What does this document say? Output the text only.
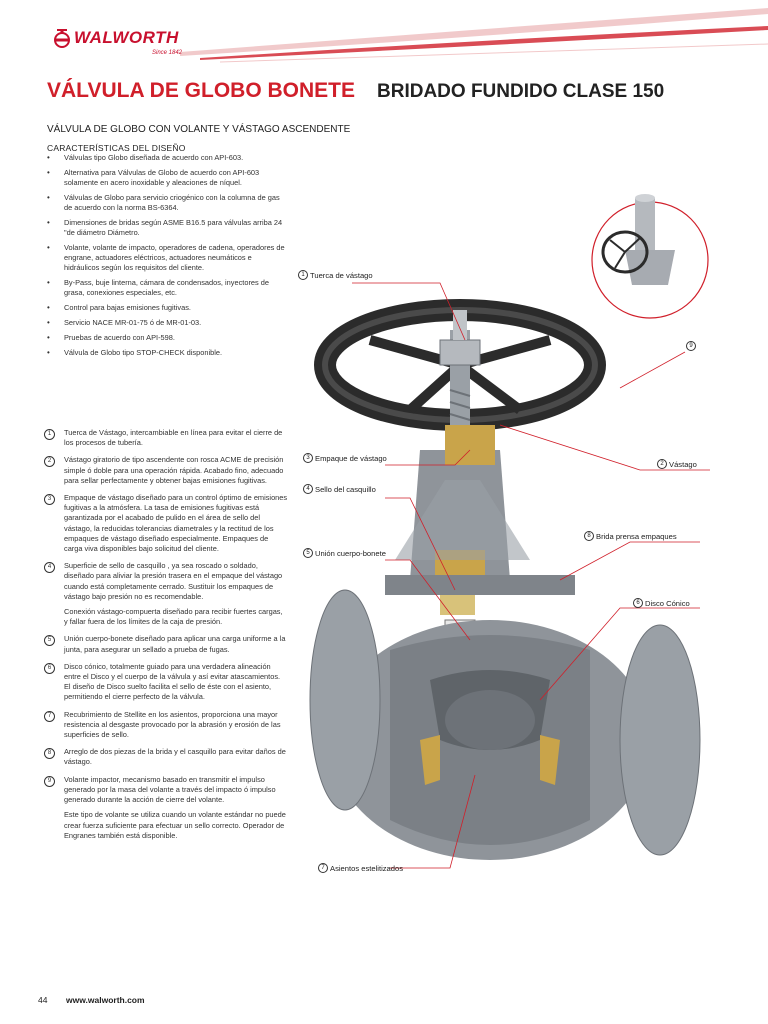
WALWORTH
Since 1842
VÁLVULA DE GLOBO BONETE BRIDADO FUNDIDO CLASE 150
VÁLVULA DE GLOBO CON VOLANTE Y VÁSTAGO ASCENDENTE
CARACTERÍSTICAS DEL DISEÑO
• Válvulas tipo Globo diseñada de acuerdo con API-603.
• Alternativa para Válvulas de Globo de acuerdo con API-603 solamente en acero inoxidable y aleaciones de níquel.
• Válvulas de Globo para servicio criogénico con la columna de gas de acuerdo con la norma BS-6364.
• Dimensiones de bridas según ASME B16.5 para válvulas arriba 24 "de diámetro Diámetro.
• Volante, volante de impacto, operadores de cadena, operadores de engrane, actuadores eléctricos, actuadores neumáticos e hidráulicos según los requisitos del cliente.
• By-Pass, buje linterna, cámara de condensados, inyectores de grasa, conexiones especiales, etc.
• Control para bajas emisiones fugitivas.
• Servicio NACE MR-01-75 ó de MR-01-03.
• Pruebas de acuerdo con API-598.
• Válvula de Globo tipo STOP-CHECK disponible.
1	Tuerca de Vástago, intercambiable en línea para evitar el cierre de los procesos de tubería.
2	Vástago giratorio de tipo ascendente con rosca ACME de precisión simple ó doble para una operación rápida. Acabado fino, adecuado para sellar perfectamente y obtener bajas emisiones fugitivas.
3	Empaque de vástago diseñado para un control óptimo de emisiones fugitivas a la atmósfera. La tasa de emisiones fugitivas está garantizada por el acabado de pulido en el área de sello del vástago, la reducidas tolerancias diametrales y la rectitud de los empaques de vástago diseñado especialmente. Empaques de carga viva disponibles bajo solicitud del cliente.
4	Superficie de sello de casquillo , ya sea roscado o soldado, diseñado para aliviar la presión trasera en el empaque del vástago cuando está completamente cerrado. Sustituir los empaques de vástago bajo presión no es recomendable.
Conexión vástago-compuerta diseñado para recibir fuertes cargas, y fallar fuera de los límites de la caja de presión.
5	Unión cuerpo-bonete diseñado para aplicar una carga uniforme a la junta, para asegurar un sellado a prueba de fugas.
6	Disco cónico, totalmente guiado para una verdadera alineación entre el Disco y el cuerpo de la válvula y así evitar atascamientos. El diseño de Disco suelto facilita el sello de éste con el asiento, permitiendo el cierre perfecto de la válvula.
7	Recubrimiento de Stellite en los asientos, proporciona una mayor resistencia al desgaste provocado por la abrasión y erosión de las superficies de sello.
8	Arreglo de dos piezas de la brida y el casquillo para evitar daños de vástago.
9	Volante impactor, mecanismo basado en transmitir el impulso generado por la masa del volante a través del impacto ó impulso generado durante la acción de cierre del volante.
Este tipo de volante se utiliza cuando un volante estándar no puede crear fuerza suficiente para efectuar un sello correcto. Operador de Engranes también está disponible.
1 Tuerca de vástago
9
3 Empaque de vástago
2 Vástago
4 Sello del casquillo
8 Brida prensa empaques
5 Unión cuerpo-bonete
6 Disco Cónico
7 Asientos estelitizados
44 www.walworth.com
